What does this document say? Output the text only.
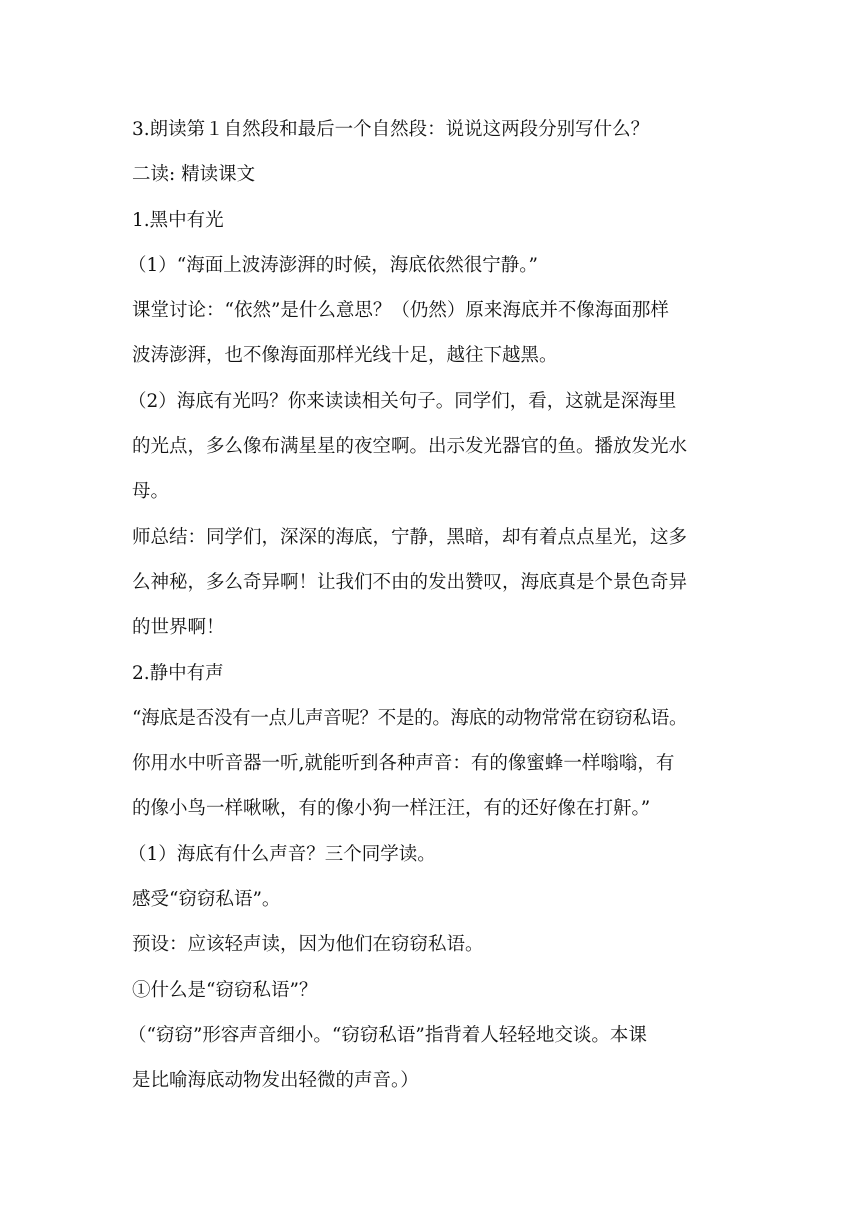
3.朗读第１自然段和最后一个自然段：说说这两段分别写什么？
二读: 精读课文
1.黑中有光
（1）“海面上波涛澎湃的时候，海底依然很宁静。”
课堂讨论：“依然”是什么意思？（仍然）原来海底并不像海面那样
波涛澎湃，也不像海面那样光线十足，越往下越黑。
（2）海底有光吗？你来读读相关句子。同学们，看，这就是深海里
的光点，多么像布满星星的夜空啊。出示发光器官的鱼。播放发光水
母。
师总结：同学们，深深的海底，宁静，黑暗，却有着点点星光，这多
么神秘，多么奇异啊！让我们不由的发出赞叹，海底真是个景色奇异
的世界啊！
2.静中有声
“海底是否没有一点儿声音呢？不是的。海底的动物常常在窃窃私语。
你用水中听音器一听,就能听到各种声音：有的像蜜蜂一样嗡嗡，有
的像小鸟一样啾啾，有的像小狗一样汪汪，有的还好像在打鼾。”
（1）海底有什么声音？三个同学读。
感受“窃窃私语”。
预设：应该轻声读，因为他们在窃窃私语。
①什么是“窃窃私语”？
（“窃窃”形容声音细小。“窃窃私语”指背着人轻轻地交谈。本课
是比喻海底动物发出轻微的声音。）
